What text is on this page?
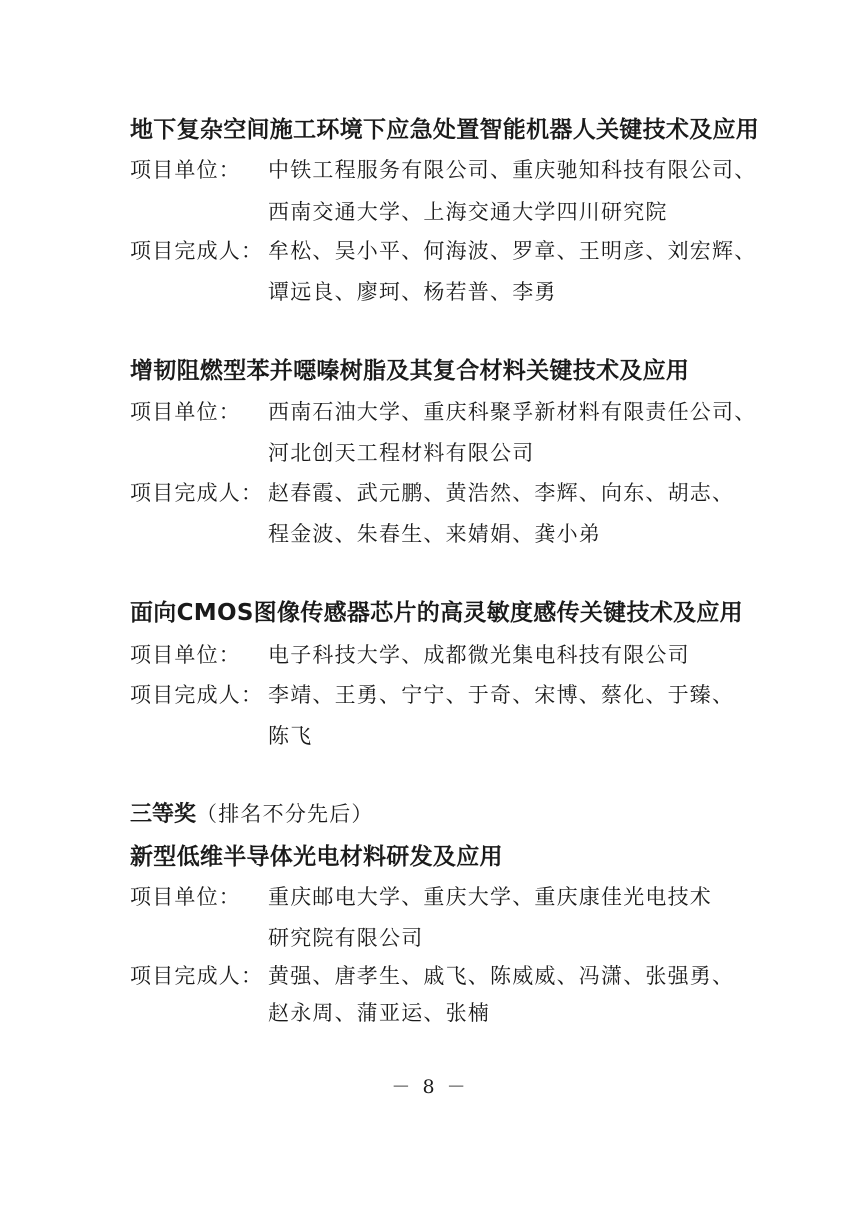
地下复杂空间施工环境下应急处置智能机器人关键技术及应用
项目单位： 中铁工程服务有限公司、重庆驰知科技有限公司、
西南交通大学、上海交通大学四川研究院
项目完成人： 牟松、吴小平、何海波、罗章、王明彦、刘宏辉、
谭远良、廖珂、杨若普、李勇
增韧阻燃型苯并噁嗪树脂及其复合材料关键技术及应用
项目单位： 西南石油大学、重庆科聚孚新材料有限责任公司、
河北创天工程材料有限公司
项目完成人： 赵春霞、武元鹏、黄浩然、李辉、向东、胡志、
程金波、朱春生、来婧娟、龚小弟
面向CMOS图像传感器芯片的高灵敏度感传关键技术及应用
项目单位： 电子科技大学、成都微光集电科技有限公司
项目完成人： 李靖、王勇、宁宁、于奇、宋博、蔡化、于臻、
陈飞
三等奖（排名不分先后）
新型低维半导体光电材料研发及应用
项目单位： 重庆邮电大学、重庆大学、重庆康佳光电技术
研究院有限公司
项目完成人： 黄强、唐孝生、戚飞、陈威威、冯潇、张强勇、
赵永周、蒲亚运、张楠
－ 8 －
